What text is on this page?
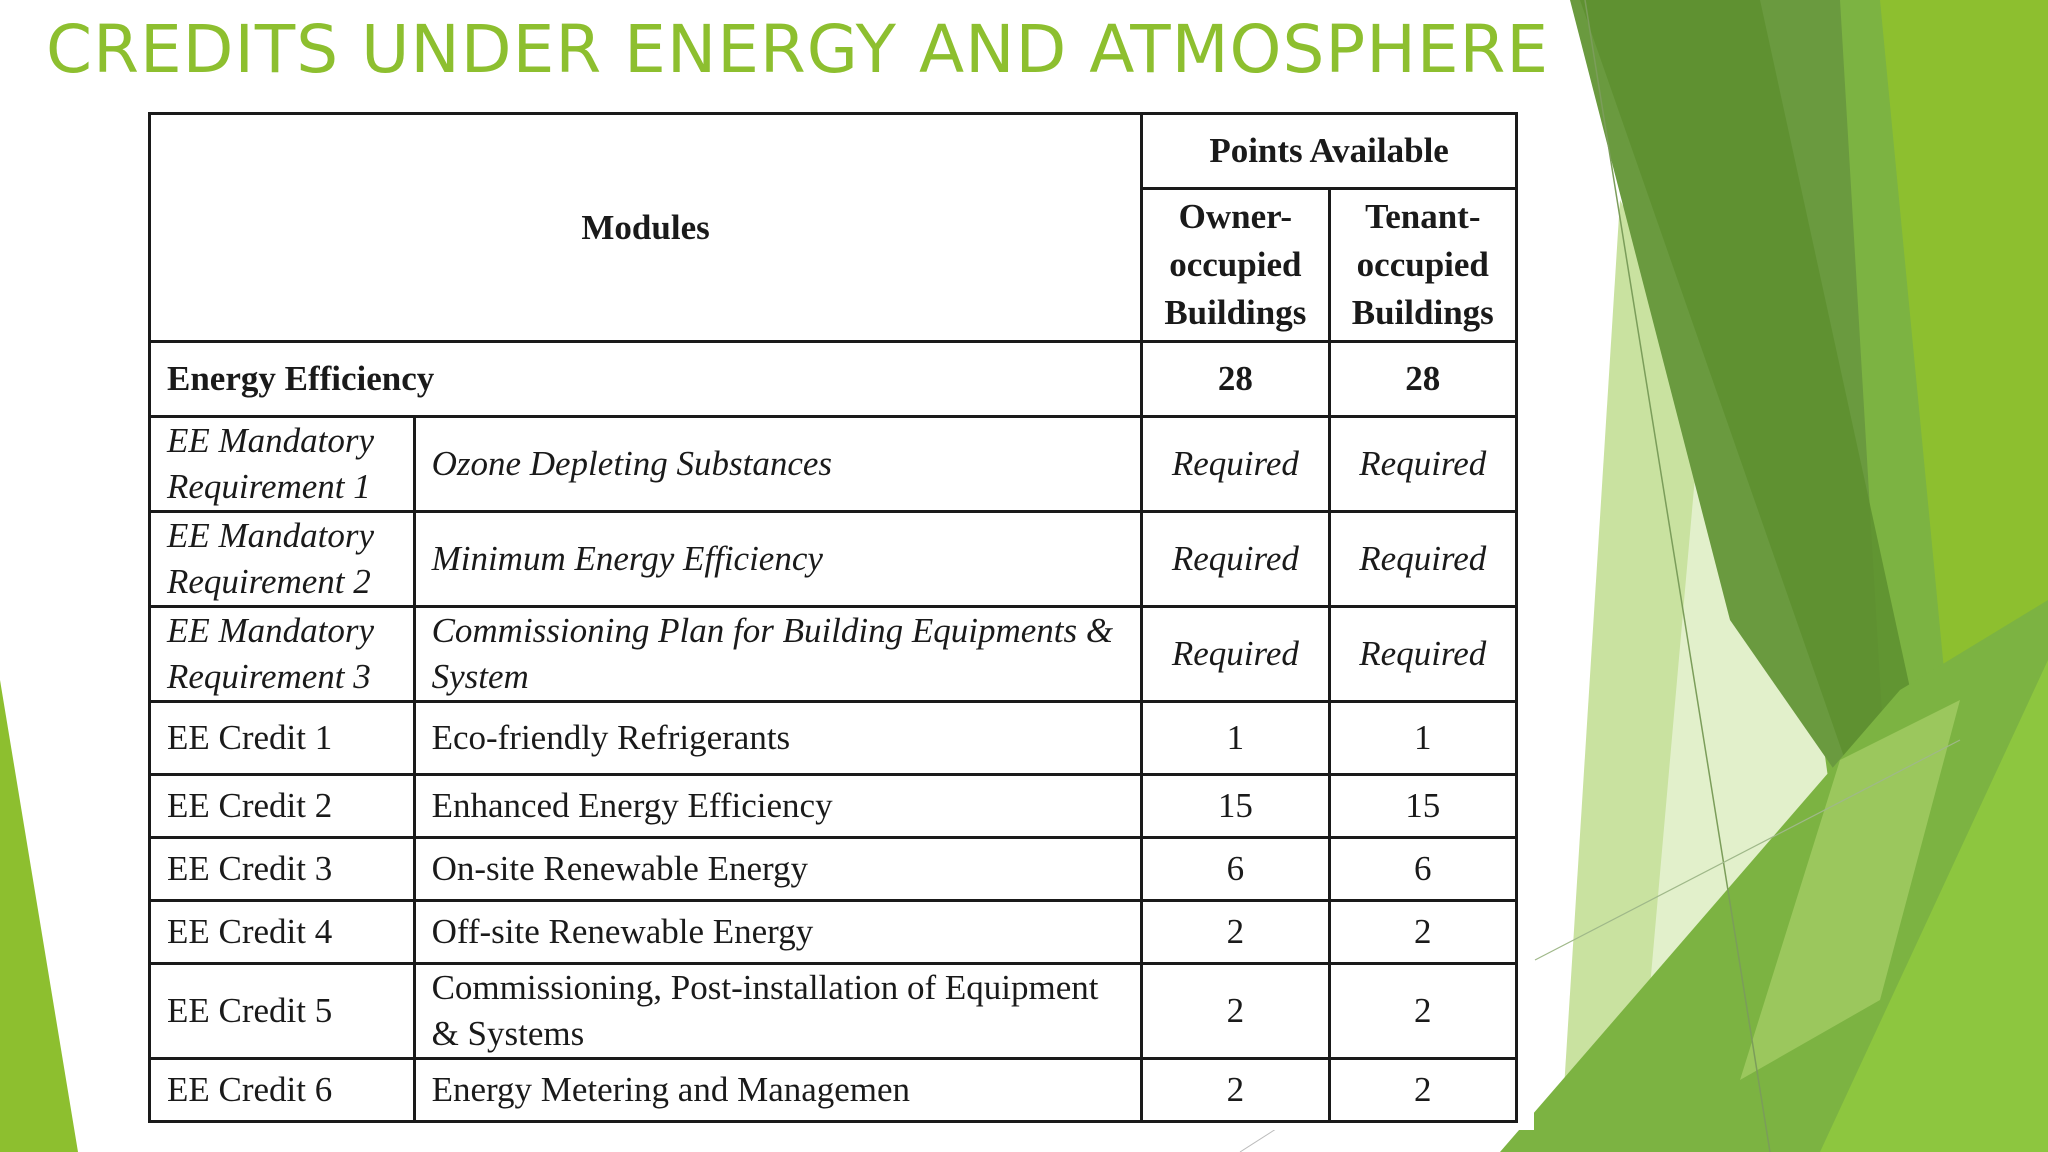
CREDITS UNDER ENERGY AND ATMOSPHERE
Modules		Points Available	
		Owner-occupied Buildings	Tenant-occupied Buildings
Energy Efficiency		28	28
EE Mandatory Requirement 1	Ozone Depleting Substances	Required	Required
EE Mandatory Requirement 2	Minimum Energy Efficiency	Required	Required
EE Mandatory Requirement 3	Commissioning Plan for Building Equipments & System	Required	Required
EE Credit 1	Eco-friendly Refrigerants	1	1
EE Credit 2	Enhanced Energy Efficiency	15	15
EE Credit 3	On-site Renewable Energy	6	6
EE Credit 4	Off-site Renewable Energy	2	2
EE Credit 5	Commissioning, Post-installation of Equipment & Systems	2	2
EE Credit 6	Energy Metering and Managemen	2	2
